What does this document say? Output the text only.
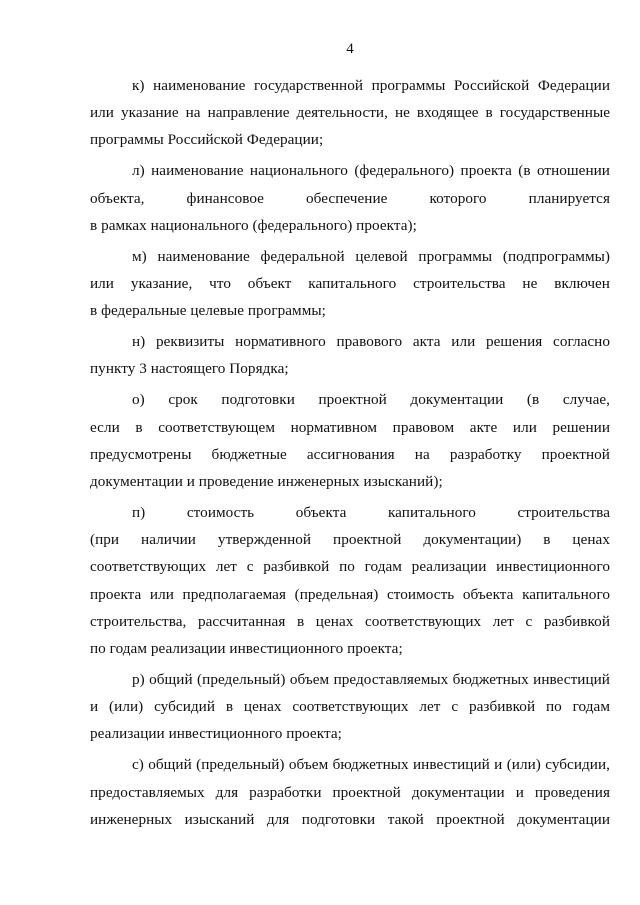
4
к) наименование государственной программы Российской Федерации
или указание на направление деятельности, не входящее в государственные
программы Российской Федерации;
л) наименование национального (федерального) проекта (в отношении
объекта, финансовое обеспечение которого планируется
в рамках национального (федерального) проекта);
м) наименование федеральной целевой программы (подпрограммы)
или указание, что объект капитального строительства не включен
в федеральные целевые программы;
н) реквизиты нормативного правового акта или решения согласно
пункту 3 настоящего Порядка;
о) срок подготовки проектной документации (в случае,
если в соответствующем нормативном правовом акте или решении
предусмотрены бюджетные ассигнования на разработку проектной
документации и проведение инженерных изысканий);
п) стоимость объекта капитального строительства
(при наличии утвержденной проектной документации) в ценах
соответствующих лет с разбивкой по годам реализации инвестиционного
проекта или предполагаемая (предельная) стоимость объекта капитального
строительства, рассчитанная в ценах соответствующих лет с разбивкой
по годам реализации инвестиционного проекта;
р) общий (предельный) объем предоставляемых бюджетных инвестиций
и (или) субсидий в ценах соответствующих лет с разбивкой по годам
реализации инвестиционного проекта;
с) общий (предельный) объем бюджетных инвестиций и (или) субсидии,
предоставляемых для разработки проектной документации и проведения
инженерных изысканий для подготовки такой проектной документации
